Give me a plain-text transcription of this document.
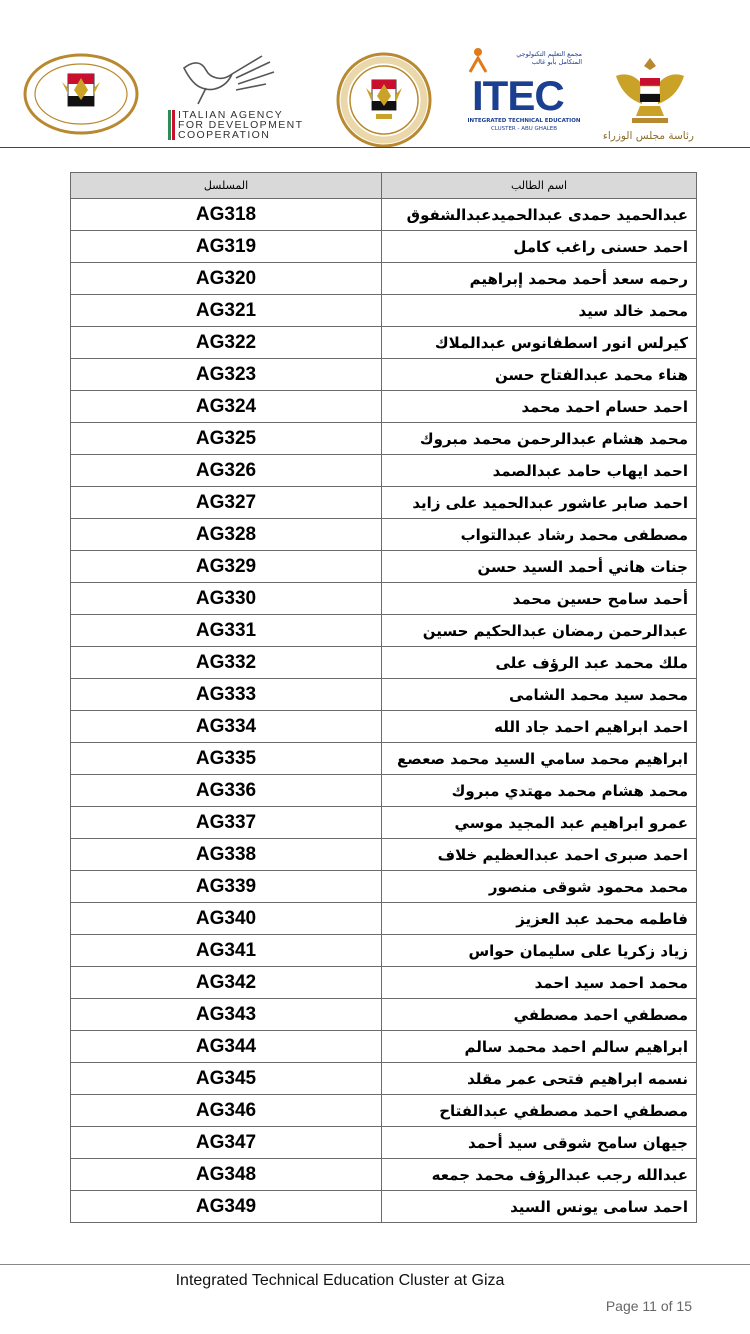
ITALIAN AGENCY
FOR DEVELOPMENT
COOPERATION
مجمع التعليم التكنولوجي المتكامل بأبو غالب
ITEC
INTEGRATED TECHNICAL EDUCATION
CLUSTER - ABU GHALEB
رئاسة مجلس الوزراء
المسلسل	اسم الطالب
AG318	عبدالحميد حمدى عبدالحميدعبدالشفوق
AG319	احمد حسنى راغب كامل
AG320	رحمه سعد أحمد محمد إبراهيم
AG321	محمد خالد سيد
AG322	كيرلس انور اسطفانوس عبدالملاك
AG323	هناء محمد عبدالفتاح حسن
AG324	احمد حسام احمد محمد
AG325	محمد هشام عبدالرحمن محمد مبروك
AG326	احمد ايهاب حامد عبدالصمد
AG327	احمد صابر عاشور عبدالحميد على زايد
AG328	مصطفى محمد رشاد عبدالتواب
AG329	جنات هاني أحمد السيد حسن
AG330	أحمد سامح حسين محمد
AG331	عبدالرحمن رمضان عبدالحكيم حسين
AG332	ملك محمد عبد الرؤف على
AG333	محمد سيد محمد الشامى
AG334	احمد ابراهيم احمد جاد الله
AG335	ابراهيم محمد سامي السيد محمد صعصع
AG336	محمد هشام محمد مهتدي مبروك
AG337	عمرو ابراهيم عبد المجيد موسي
AG338	احمد صبرى احمد عبدالعظيم خلاف
AG339	محمد محمود شوقى منصور
AG340	فاطمه محمد عبد العزيز
AG341	زياد زكريا على سليمان حواس
AG342	محمد احمد سيد احمد
AG343	مصطفي احمد مصطفي
AG344	ابراهيم سالم احمد محمد سالم
AG345	نسمه ابراهيم فتحى عمر مقلد
AG346	مصطفي احمد مصطفي عبدالفتاح
AG347	جيهان سامح شوقى سيد أحمد
AG348	عبدالله رجب عبدالرؤف محمد جمعه
AG349	احمد سامى يونس السيد
Integrated Technical Education Cluster at Giza
Page 11 of 15
